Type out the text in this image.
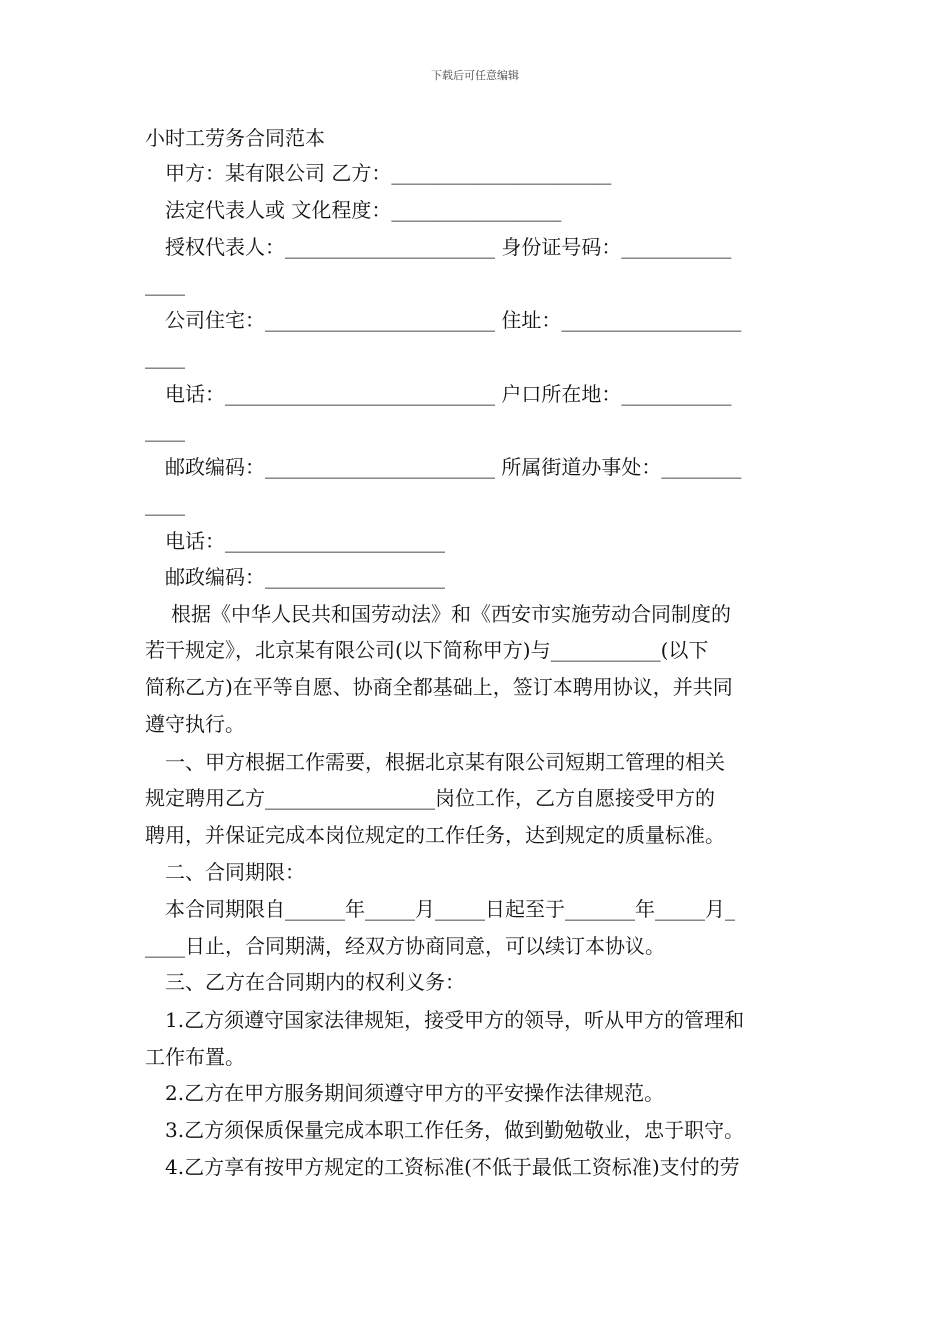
下载后可任意编辑
小时工劳务合同范本
甲方：某有限公司 乙方：______________________
法定代表人或 文化程度：_________________
授权代表人：_____________________ 身份证号码：___________
____
公司住宅：_______________________ 住址：__________________
____
电话：___________________________ 户口所在地：___________
____
邮政编码：_______________________ 所属街道办事处：________
____
电话：______________________
邮政编码：__________________
根据《中华人民共和国劳动法》和《西安市实施劳动合同制度的
若干规定》，北京某有限公司(以下简称甲方)与___________(以下
简称乙方)在平等自愿、协商全都基础上，签订本聘用协议，并共同
遵守执行。
一、甲方根据工作需要，根据北京某有限公司短期工管理的相关
规定聘用乙方_________________岗位工作，乙方自愿接受甲方的
聘用，并保证完成本岗位规定的工作任务，达到规定的质量标准。
二、合同期限：
本合同期限自______年_____月_____日起至于_______年_____月_
____日止，合同期满，经双方协商同意，可以续订本协议。
三、乙方在合同期内的权利义务：
1.乙方须遵守国家法律规矩，接受甲方的领导，听从甲方的管理和
工作布置。
2.乙方在甲方服务期间须遵守甲方的平安操作法律规范。
3.乙方须保质保量完成本职工作任务，做到勤勉敬业，忠于职守。
4.乙方享有按甲方规定的工资标准(不低于最低工资标准)支付的劳
